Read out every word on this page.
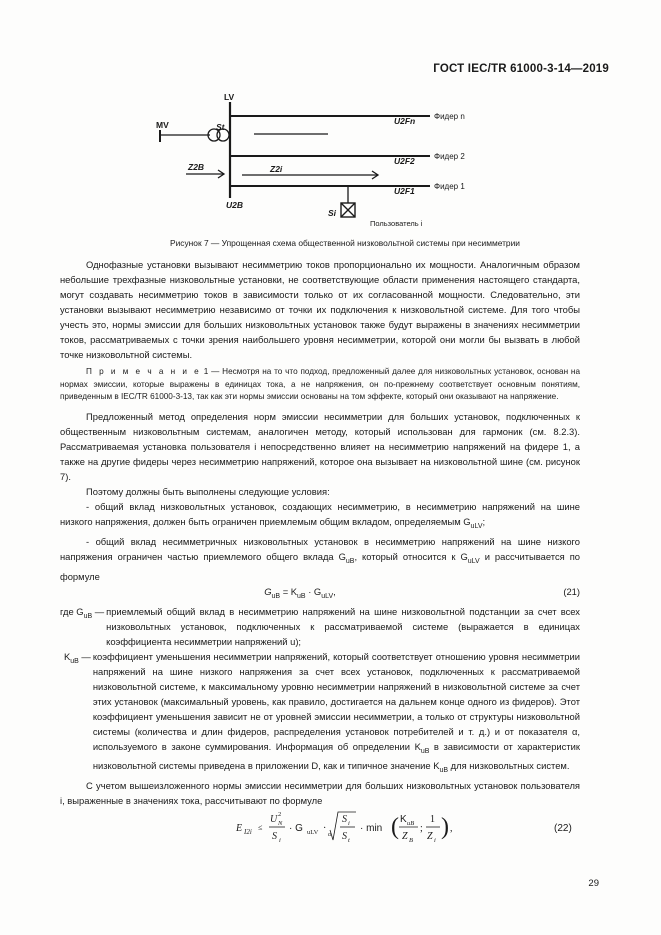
ГОСТ IEC/TR 61000-3-14—2019
LV
MV	St
Z2B	Z2i
U2B
U2Fn
U2F2
U2F1
Si
Фидер n
Фидер 2
Фидер 1
Пользователь i
Рисунок 7 — Упрощенная схема общественной низковольтной системы при несимметрии

Однофазные установки вызывают несимметрию токов пропорционально их мощности. Аналогичным образом небольшие трехфазные низковольтные установки, не соответствующие области применения настоящего стандарта, могут создавать несимметрию токов в зависимости только от их согласованной мощности. Следовательно, эти установки вызывают несимметрию независимо от точки их подключения к низковольтной системе. Для того чтобы учесть это, нормы эмиссии для больших низковольтных установок также будут выражены в значениях несимметрии токов, рассматриваемых с точки зрения наибольшего уровня несимметрии, которой они могли бы вызвать в любой точке низковольтной системы.

П р и м е ч а н и е 1 — Несмотря на то что подход, предложенный далее для низковольтных установок, основан на нормах эмиссии, которые выражены в единицах тока, а не напряжения, он по-прежнему соответствует основным понятиям, приведенным в IEC/TR 61000-3-13, так как эти нормы эмиссии основаны на том эффекте, который они оказывают на напряжение.

Предложенный метод определения норм эмиссии несимметрии для больших установок, подключенных к общественным низковольтным системам, аналогичен методу, который использован для гармоник (см. 8.2.3). Рассматриваемая установка пользователя i непосредственно влияет на несимметрию напряжений на фидере 1, а также на другие фидеры через несимметрию напряжений, которое она вызывает на низковольтной шине (см. рисунок 7).

Поэтому должны быть выполнены следующие условия:

- общий вклад низковольтных установок, создающих несимметрию, в несимметрию напряжений на шине низкого напряжения, должен быть ограничен приемлемым общим вкладом, определяемым $G_{uLV}$;

- общий вклад несимметричных низковольтных установок в несимметрию напряжений на шине низкого напряжения ограничен частью приемлемого общего вклада $G_{uB}$, который относится к $G_{uLV}$ и рассчитывается по формуле

$G_{uB} = K_{uB} \cdot G_{uLV}$,	(21)
где $G_{uB}$ — приемлемый общий вклад в несимметрию напряжений на шине низковольтной подстанции за счет всех низковольтных установок, подключенных к рассматриваемой системе (выражается в единицах коэффициента несимметрии напряжений u);
$K_{uB}$ — коэффициент уменьшения несимметрии напряжений, который соответствует отношению уровня несимметрии напряжений на шине низкого напряжения за счет всех установок, подключенных к рассматриваемой низковольтной системе, к максимальному уровню несимметрии напряжений в низковольтной системе за счет этих установок (максимальный уровень, как правило, достигается на дальнем конце одного из фидеров). Этот коэффициент уменьшения зависит не от уровней эмиссии несимметрии, а только от структуры низковольтной системы (количества и длин фидеров, распределения установок потребителей и т. д.) и от показателя α, используемого в законе суммирования. Информация об определении $K_{uB}$ в зависимости от характеристик низковольтной системы приведена в приложении D, как и типичное значение $K_{uB}$ для низковольтных систем.

С учетом вышеизложенного нормы эмиссии несимметрии для больших низковольтных установок пользователя i, выраженные в значениях тока, рассчитывают по формуле

E I2i ≤
U N
2
S i
· G uLV ·
α
S i
S t
· min ( K uB
Z B
;
1
Z i
) ,	(22)
29
